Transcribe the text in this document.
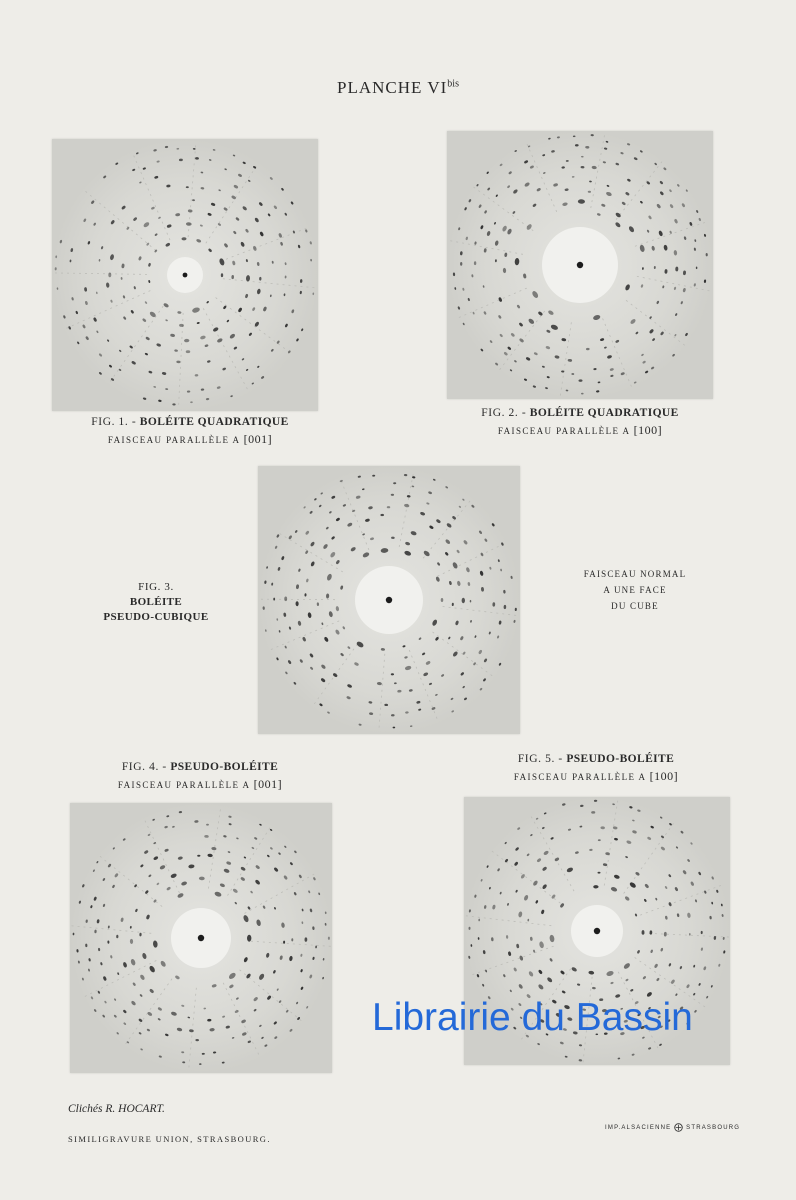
PLANCHE $VI^{bis}$
FIG. 1. - BOLÉITE QUADRATIQUE
FAISCEAU PARALLÈLE A [001]
FIG. 2. - BOLÉITE QUADRATIQUE
FAISCEAU PARALLÈLE A [100]
FIG. 3.
BOLÉITE
PSEUDO-CUBIQUE
FAISCEAU NORMAL
A UNE FACE
DU CUBE
FIG. 4. - PSEUDO-BOLÉITE
FAISCEAU PARALLÈLE A [001]
FIG. 5. - PSEUDO-BOLÉITE
FAISCEAU PARALLÈLE A [100]
Clichés R. HOCART.
SIMILIGRAVURE UNION, STRASBOURG.
IMP.ALSACIENNE STRASBOURG
Librairie du Bassin
